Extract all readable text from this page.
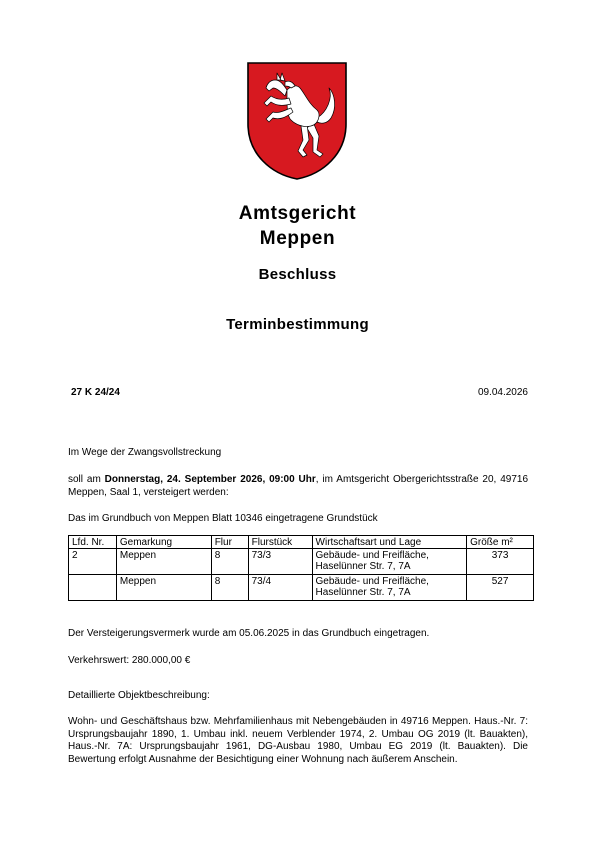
Amtsgericht
Meppen
Beschluss
Terminbestimmung
27 K 24/24	09.04.2026
Im Wege der Zwangsvollstreckung
soll am Donnerstag, 24. September 2026, 09:00 Uhr, im Amtsgericht Obergerichtsstraße 20, 49716 Meppen, Saal 1, versteigert werden:
Das im Grundbuch von Meppen Blatt 10346 eingetragene Grundstück
Lfd. Nr.	Gemarkung	Flur	Flurstück	Wirtschaftsart und Lage	Größe m²
2	Meppen	8	73/3	Gebäude- und Freifläche, Haselünner Str. 7, 7A	373
	Meppen	8	73/4	Gebäude- und Freifläche, Haselünner Str. 7, 7A	527
Der Versteigerungsvermerk wurde am 05.06.2025 in das Grundbuch eingetragen.
Verkehrswert: 280.000,00 €
Detaillierte Objektbeschreibung:
Wohn- und Geschäftshaus bzw. Mehrfamilienhaus mit Nebengebäuden in 49716 Meppen. Haus.-Nr. 7: Ursprungsbaujahr 1890, 1. Umbau inkl. neuem Verblender 1974, 2. Umbau OG 2019 (lt. Bauakten), Haus.-Nr. 7A: Ursprungsbaujahr 1961, DG-Ausbau 1980, Umbau EG 2019 (lt. Bauakten). Die Bewertung erfolgt Ausnahme der Besichtigung einer Wohnung nach äußerem Anschein.
